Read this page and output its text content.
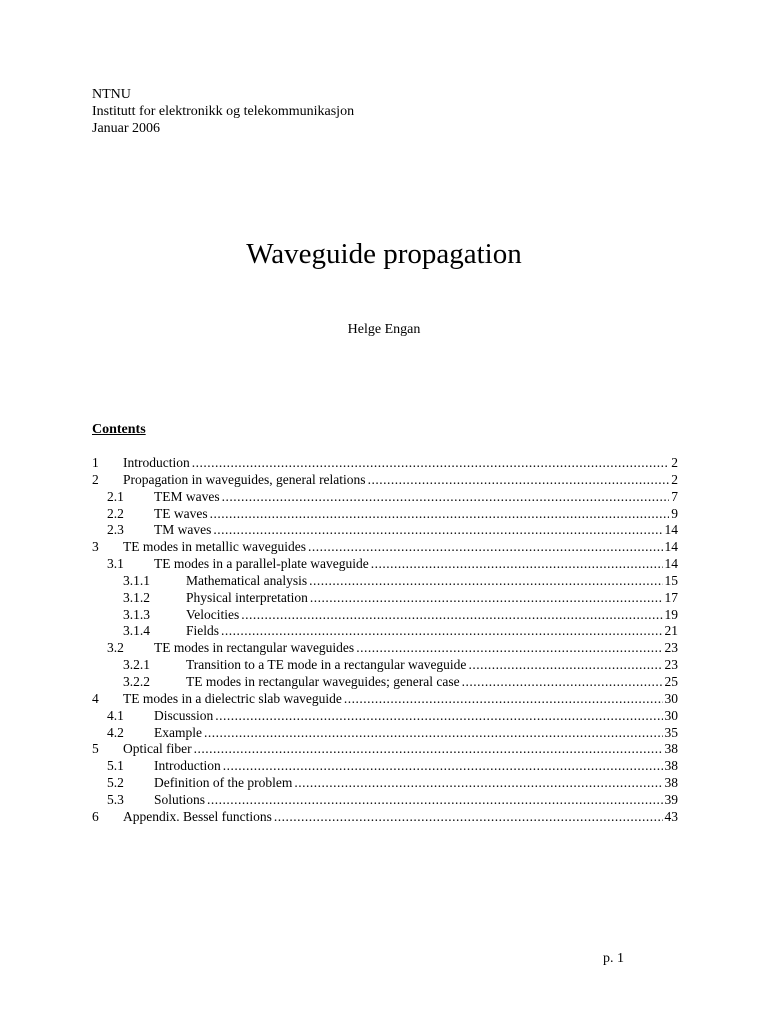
NTNU
Institutt for elektronikk og telekommunikasjon
Januar 2006
Waveguide propagation
Helge Engan
Contents
1	Introduction .....	2
2	Propagation in waveguides, general relations .....	2
2.1	TEM waves .....	7
2.2	TE waves .....	9
2.3	TM waves .....	14
3	TE modes in metallic waveguides .....	14
3.1	TE modes in a parallel-plate waveguide .....	14
3.1.1	Mathematical analysis .....	15
3.1.2	Physical interpretation .....	17
3.1.3	Velocities .....	19
3.1.4	Fields .....	21
3.2	TE modes in rectangular waveguides .....	23
3.2.1	Transition to a TE mode in a rectangular waveguide .....	23
3.2.2	TE modes in rectangular waveguides; general case .....	25
4	TE modes in a dielectric slab waveguide .....	30
4.1	Discussion .....	30
4.2	Example .....	35
5	Optical fiber .....	38
5.1	Introduction .....	38
5.2	Definition of the problem .....	38
5.3	Solutions .....	39
6	Appendix. Bessel functions .....	43
p. 1
